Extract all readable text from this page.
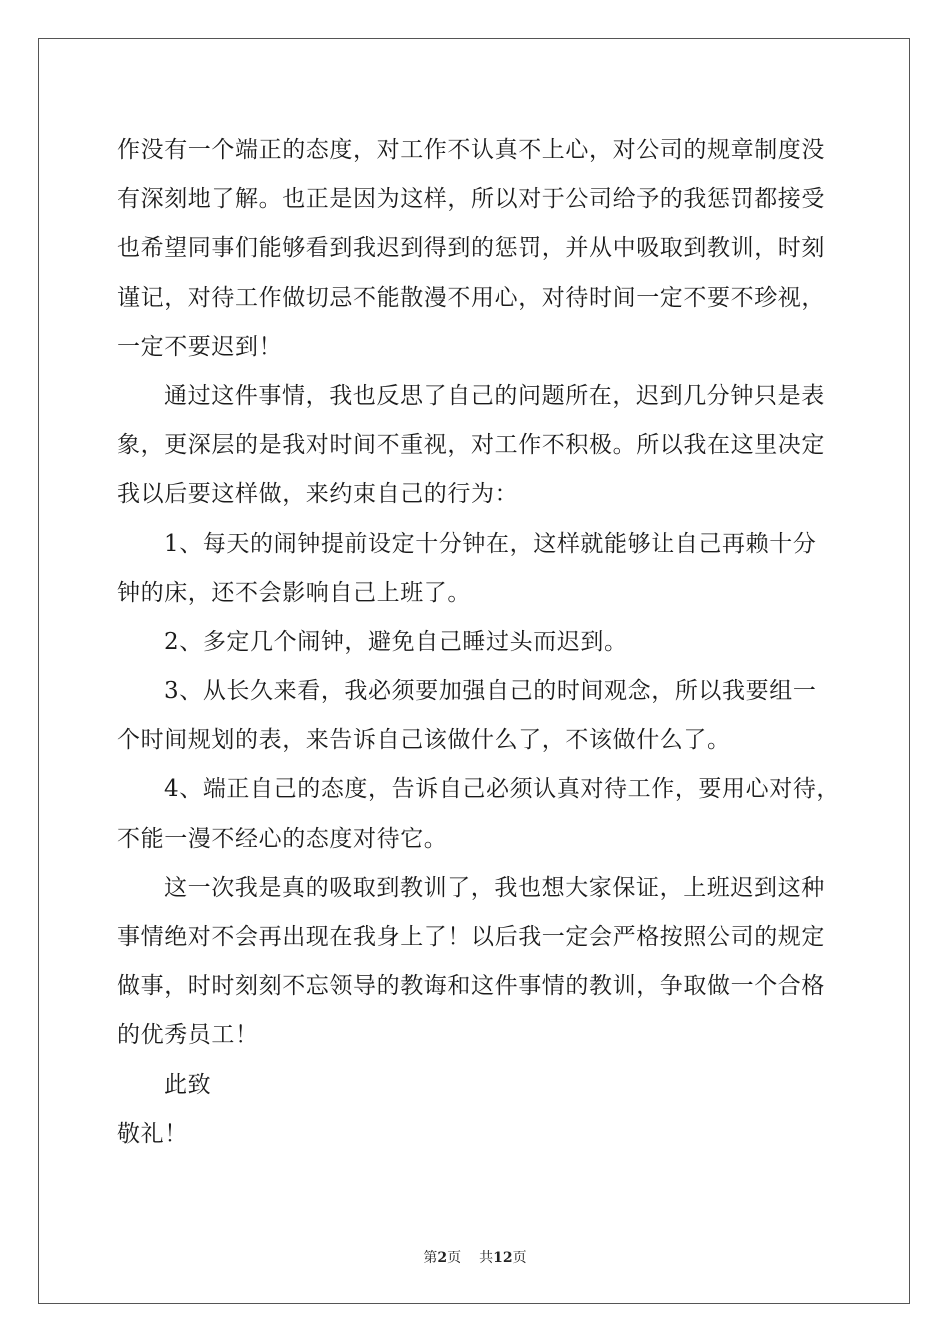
作没有一个端正的态度，对工作不认真不上心，对公司的规章制度没
有深刻地了解。也正是因为这样，所以对于公司给予的我惩罚都接受
也希望同事们能够看到我迟到得到的惩罚，并从中吸取到教训，时刻
谨记，对待工作做切忌不能散漫不用心，对待时间一定不要不珍视，
一定不要迟到！
通过这件事情，我也反思了自己的问题所在，迟到几分钟只是表
象，更深层的是我对时间不重视，对工作不积极。所以我在这里决定
我以后要这样做，来约束自己的行为：
1、每天的闹钟提前设定十分钟在，这样就能够让自己再赖十分
钟的床，还不会影响自己上班了。
2、多定几个闹钟，避免自己睡过头而迟到。
3、从长久来看，我必须要加强自己的时间观念，所以我要组一
个时间规划的表，来告诉自己该做什么了，不该做什么了。
4、端正自己的态度，告诉自己必须认真对待工作，要用心对待，
不能一漫不经心的态度对待它。
这一次我是真的吸取到教训了，我也想大家保证，上班迟到这种
事情绝对不会再出现在我身上了！以后我一定会严格按照公司的规定
做事，时时刻刻不忘领导的教诲和这件事情的教训，争取做一个合格
的优秀员工！
此致
敬礼！
第2页 共12页
